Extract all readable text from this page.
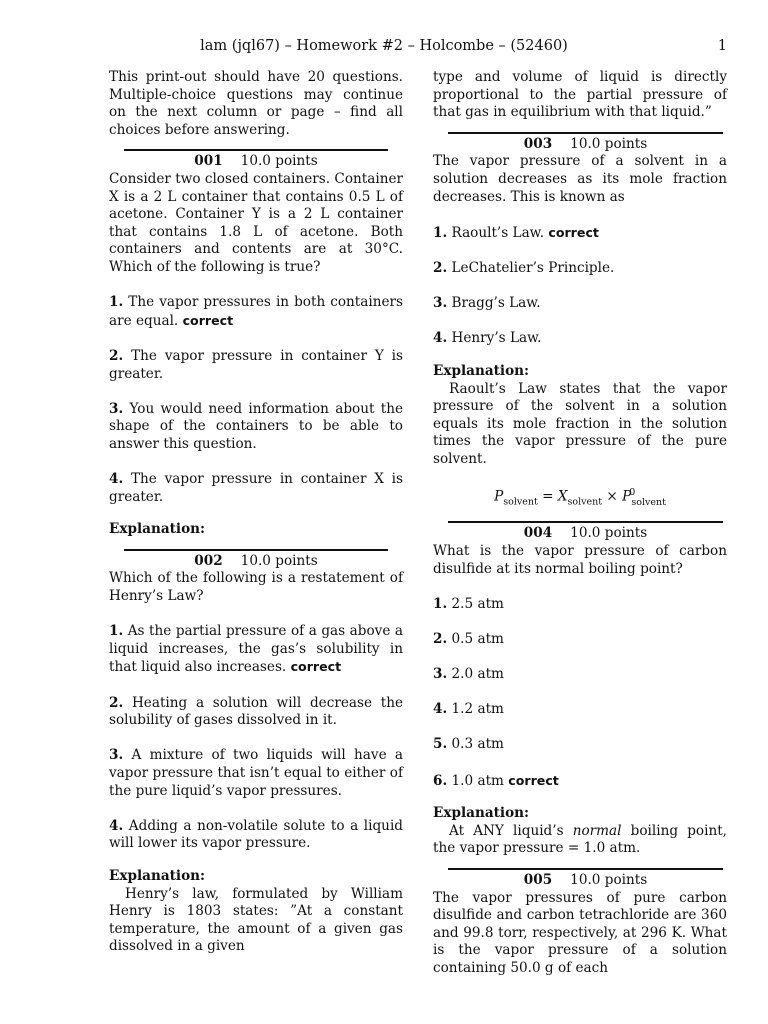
lam (jql67) – Homework #2 – Holcombe – (52460)	1

This print-out should have 20 questions. Multiple-choice questions may continue on the next column or page – find all choices before answering.

001 10.0 points

Consider two closed containers. Container X is a 2 L container that contains 0.5 L of acetone. Container Y is a 2 L container that contains 1.8 L of acetone. Both containers and contents are at 30°C. Which of the following is true?

1. The vapor pressures in both containers are equal. correct
2. The vapor pressure in container Y is greater.
3. You would need information about the shape of the containers to be able to answer this question.
4. The vapor pressure in container X is greater.
Explanation:
002 10.0 points

Which of the following is a restatement of Henry’s Law?

1. As the partial pressure of a gas above a liquid increases, the gas’s solubility in that liquid also increases. correct
2. Heating a solution will decrease the solubility of gases dissolved in it.
3. A mixture of two liquids will have a vapor pressure that isn’t equal to either of the pure liquid’s vapor pressures.
4. Adding a non-volatile solute to a liquid will lower its vapor pressure.
Explanation:

Henry’s law, formulated by William Henry is 1803 states: ”At a constant temperature, the amount of a given gas dissolved in a given

type and volume of liquid is directly proportional to the partial pressure of that gas in equilibrium with that liquid.”

003 10.0 points

The vapor pressure of a solvent in a solution decreases as its mole fraction decreases. This is known as

1. Raoult’s Law. correct
2. LeChatelier’s Principle.
3. Bragg’s Law.
4. Henry’s Law.
Explanation:

Raoult’s Law states that the vapor pressure of the solvent in a solution equals its mole fraction in the solution times the vapor pressure of the pure solvent.

$P_{solvent} = X_{solvent} \times P^0_{solvent}$
004 10.0 points

What is the vapor pressure of carbon disulfide at its normal boiling point?

1. 2.5 atm
2. 0.5 atm
3. 2.0 atm
4. 1.2 atm
5. 0.3 atm
6. 1.0 atm correct
Explanation:

At ANY liquid’s normal boiling point, the vapor pressure = 1.0 atm.

005 10.0 points

The vapor pressures of pure carbon disulfide and carbon tetrachloride are 360 and 99.8 torr, respectively, at 296 K. What is the vapor pressure of a solution containing 50.0 g of each
